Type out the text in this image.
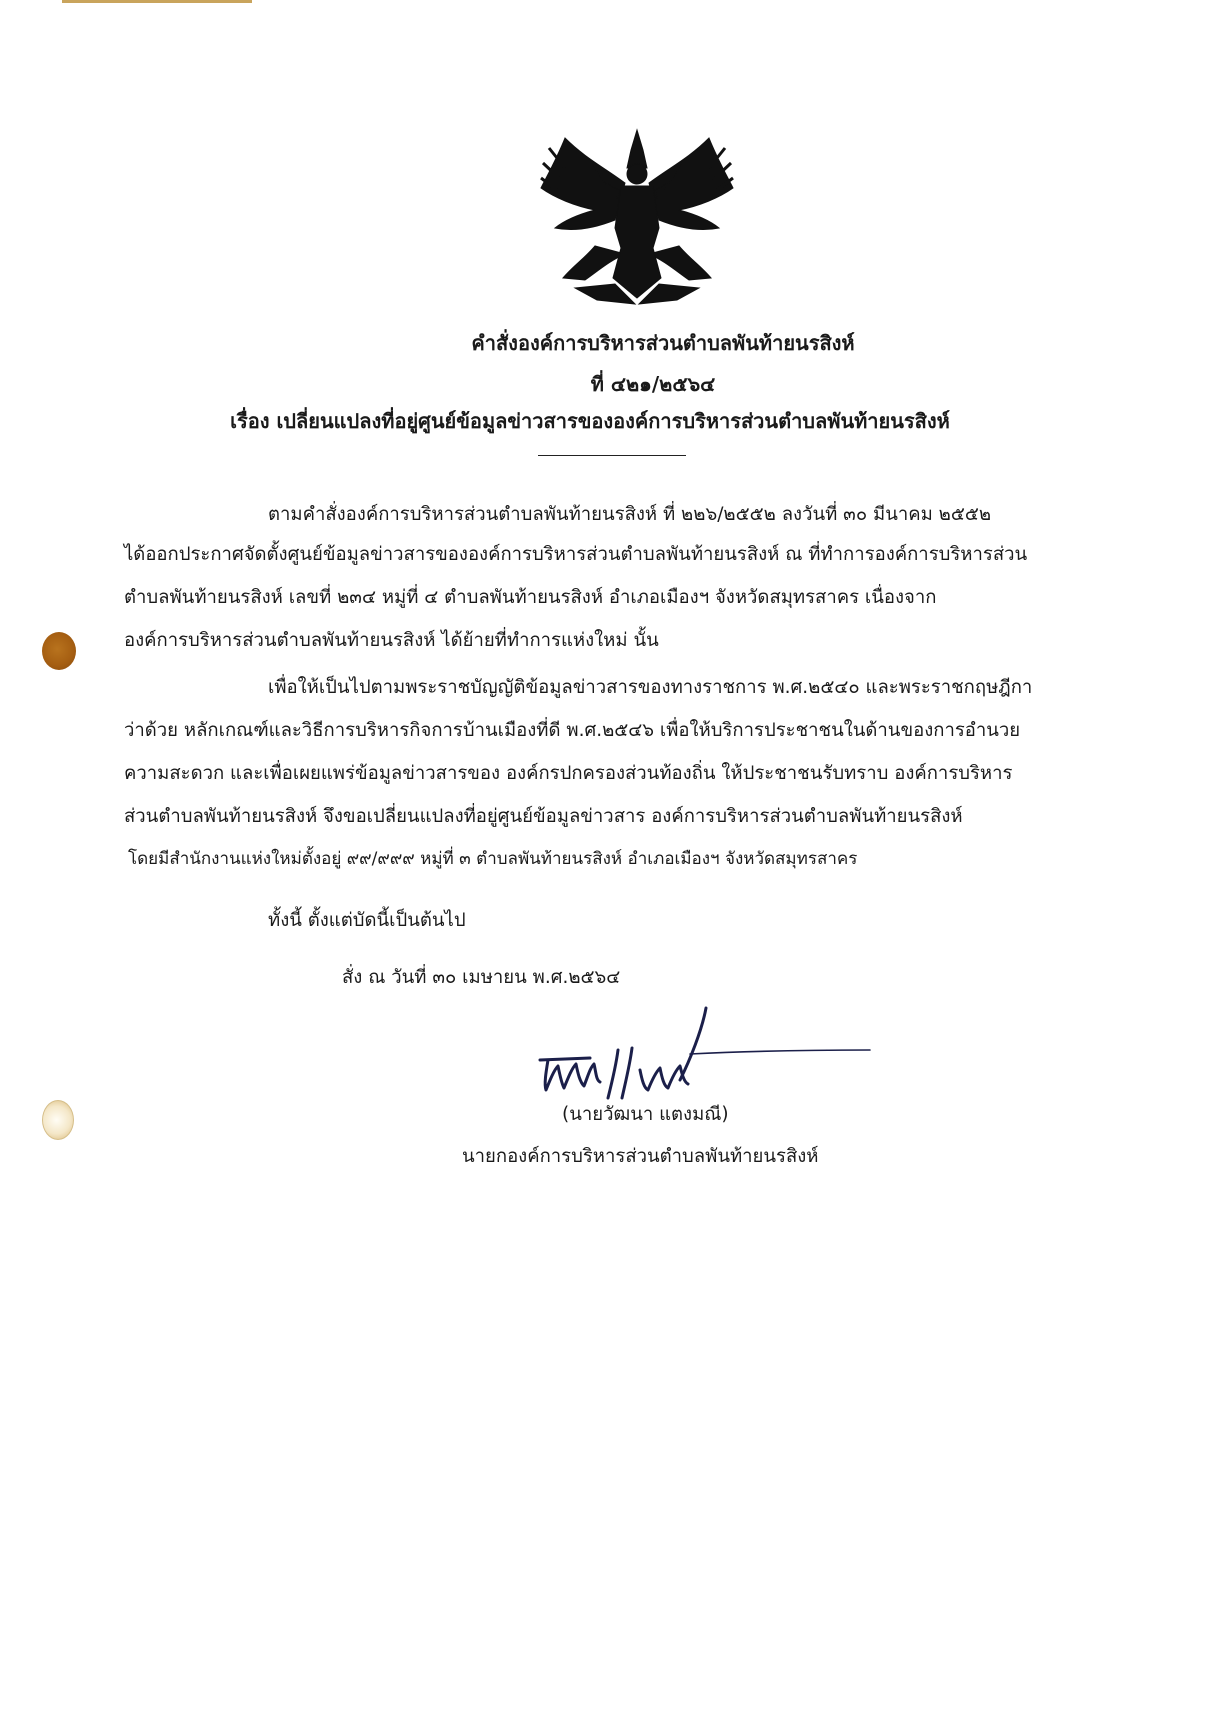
คำสั่งองค์การบริหารส่วนตำบลพันท้ายนรสิงห์
ที่ ๔๒๑/๒๕๖๔
เรื่อง เปลี่ยนแปลงที่อยู่ศูนย์ข้อมูลข่าวสารขององค์การบริหารส่วนตำบลพันท้ายนรสิงห์
ตามคำสั่งองค์การบริหารส่วนตำบลพันท้ายนรสิงห์ ที่ ๒๒๖/๒๕๕๒ ลงวันที่ ๓๐ มีนาคม ๒๕๕๒
ได้ออกประกาศจัดตั้งศูนย์ข้อมูลข่าวสารขององค์การบริหารส่วนตำบลพันท้ายนรสิงห์ ณ ที่ทำการองค์การบริหารส่วน
ตำบลพันท้ายนรสิงห์ เลขที่ ๒๓๔ หมู่ที่ ๔ ตำบลพันท้ายนรสิงห์ อำเภอเมืองฯ จังหวัดสมุทรสาคร เนื่องจาก
องค์การบริหารส่วนตำบลพันท้ายนรสิงห์ ได้ย้ายที่ทำการแห่งใหม่ นั้น
เพื่อให้เป็นไปตามพระราชบัญญัติข้อมูลข่าวสารของทางราชการ พ.ศ.๒๕๔๐ และพระราชกฤษฎีกา
ว่าด้วย หลักเกณฑ์และวิธีการบริหารกิจการบ้านเมืองที่ดี พ.ศ.๒๕๔๖ เพื่อให้บริการประชาชนในด้านของการอำนวย
ความสะดวก และเพื่อเผยแพร่ข้อมูลข่าวสารของ องค์กรปกครองส่วนท้องถิ่น ให้ประชาชนรับทราบ องค์การบริหาร
ส่วนตำบลพันท้ายนรสิงห์ จึงขอเปลี่ยนแปลงที่อยู่ศูนย์ข้อมูลข่าวสาร องค์การบริหารส่วนตำบลพันท้ายนรสิงห์
โดยมีสำนักงานแห่งใหม่ตั้งอยู่ ๙๙/๙๙๙ หมู่ที่ ๓ ตำบลพันท้ายนรสิงห์ อำเภอเมืองฯ จังหวัดสมุทรสาคร
ทั้งนี้ ตั้งแต่บัดนี้เป็นต้นไป
สั่ง ณ วันที่ ๓๐ เมษายน พ.ศ.๒๕๖๔
(นายวัฒนา แตงมณี)
นายกองค์การบริหารส่วนตำบลพันท้ายนรสิงห์
